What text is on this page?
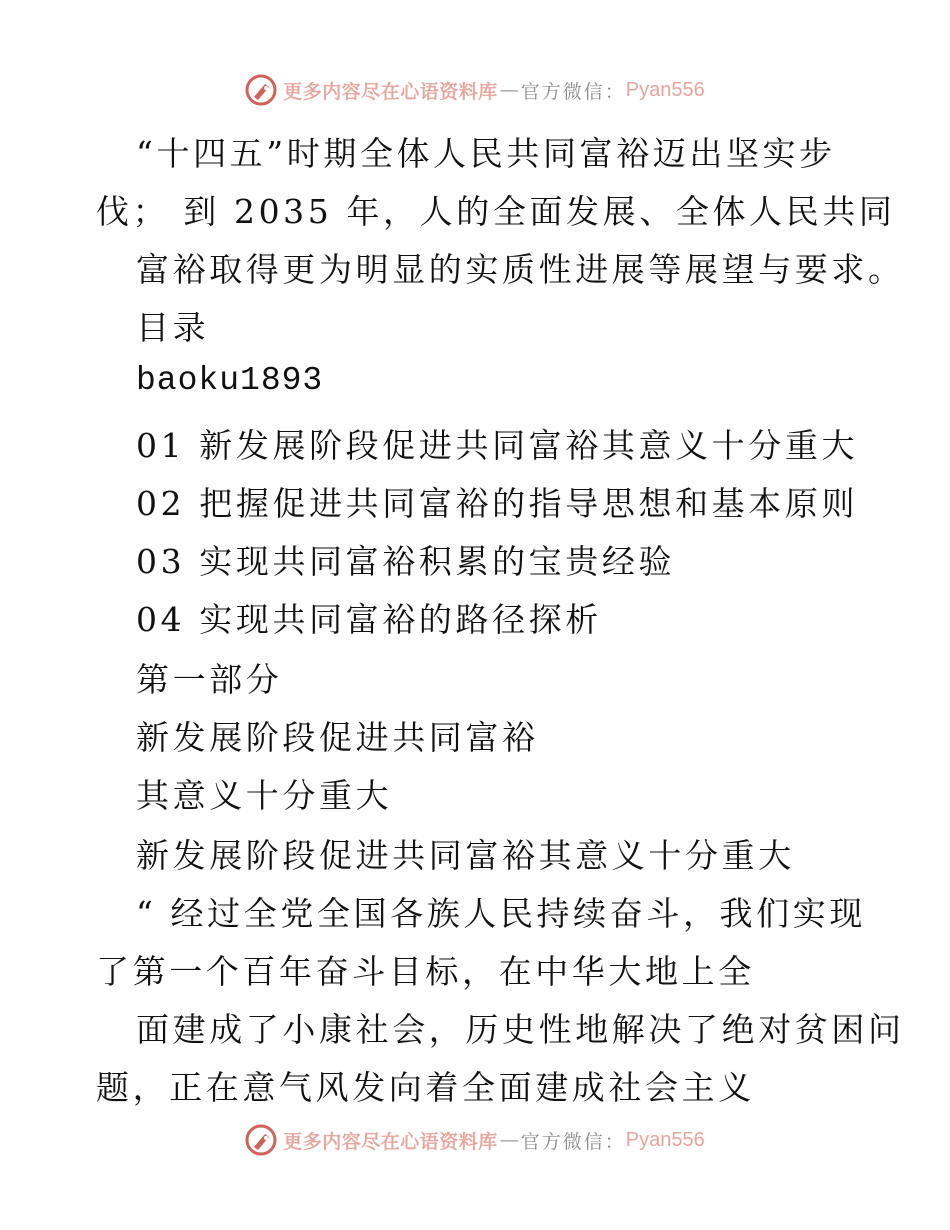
更多内容尽在心语资料库 — 官方微信： Pyan556
“十四五”时期全体人民共同富裕迈出坚实步
伐； 到 2035 年，人的全面发展、全体人民共同
富裕取得更为明显的实质性进展等展望与要求。
目录
baoku1893
01 新发展阶段促进共同富裕其意义十分重大
02 把握促进共同富裕的指导思想和基本原则
03 实现共同富裕积累的宝贵经验
04 实现共同富裕的路径探析
第一部分
新发展阶段促进共同富裕
其意义十分重大
新发展阶段促进共同富裕其意义十分重大
“ 经过全党全国各族人民持续奋斗，我们实现
了第一个百年奋斗目标，在中华大地上全
面建成了小康社会，历史性地解决了绝对贫困问
题，正在意气风发向着全面建成社会主义
更多内容尽在心语资料库 — 官方微信： Pyan556
